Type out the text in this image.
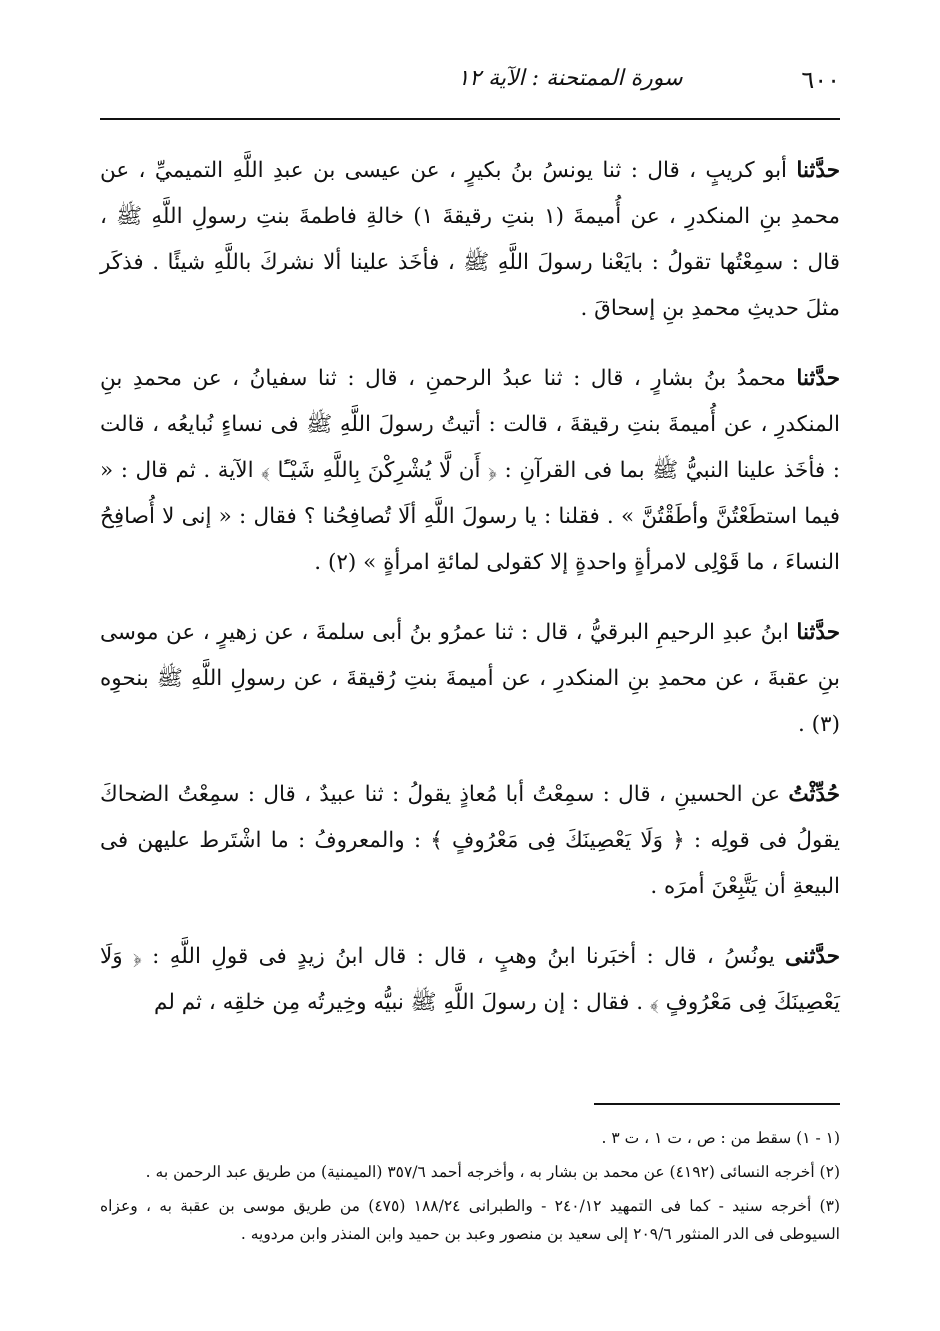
٦٠٠
سورة الممتحنة : الآية ١٢

حدَّثنا أبو كريبٍ ، قال : ثنا يونسُ بنُ بكيرٍ ، عن عيسى بن عبدِ اللَّهِ التميميِّ ، عن محمدِ بنِ المنكدرِ ، عن أُميمةَ (١ بنتِ رقيقةَ ١) خالةِ فاطمةَ بنتِ رسولِ اللَّهِ ﷺ ، قال : سمِعْتُها تقولُ : بايَعْنا رسولَ اللَّهِ ﷺ ، فأخَذ علينا ألا نشركَ باللَّهِ شيئًا . فذكَر مثلَ حديثِ محمدِ بنِ إسحاقَ .

حدَّثنا محمدُ بنُ بشارٍ ، قال : ثنا عبدُ الرحمنِ ، قال : ثنا سفيانُ ، عن محمدِ بنِ المنكدرِ ، عن أُميمةَ بنتِ رقيقةَ ، قالت : أتيتُ رسولَ اللَّهِ ﷺ فى نساءٍ نُبايعُه ، قالت : فأخَذ علينا النبيُّ ﷺ بما فى القرآنِ : ﴿ أَن لَّا يُشْرِكْنَ بِاللَّهِ شَيْـًٔا ﴾ الآية . ثم قال : « فيما استطَعْتُنَّ وأطَقْتُنَّ » . فقلنا : يا رسولَ اللَّهِ ألَا تُصافِحُنا ؟ فقال : « إنى لا أُصافِحُ النساءَ ، ما قَوْلِى لامرأةٍ واحدةٍ إلا كقولى لمائةِ امرأةٍ » (٢) .

حدَّثنا ابنُ عبدِ الرحيمِ البرقيُّ ، قال : ثنا عمرُو بنُ أبى سلمةَ ، عن زهيرٍ ، عن موسى بنِ عقبةَ ، عن محمدِ بنِ المنكدرِ ، عن أميمةَ بنتِ رُقيقةَ ، عن رسولِ اللَّهِ ﷺ بنحوِه (٣) .

حُدِّثْتُ عن الحسينِ ، قال : سمِعْتُ أبا مُعاذٍ يقولُ : ثنا عبيدٌ ، قال : سمِعْتُ الضحاكَ يقولُ فى قولِه : ﴿ وَلَا يَعْصِينَكَ فِى مَعْرُوفٍ ﴾ : والمعروفُ : ما اشْتَرط عليهن فى البيعةِ أن يَتَّبِعْنَ أمرَه .

حدَّثنى يونُسُ ، قال : أخبَرنا ابنُ وهبٍ ، قال : قال ابنُ زيدٍ فى قولِ اللَّهِ : ﴿ وَلَا يَعْصِينَكَ فِى مَعْرُوفٍ ﴾ . فقال : إن رسولَ اللَّهِ ﷺ نبيُّه وخِيرتُه مِن خلقِه ، ثم لم

(١ - ١) سقط من : ص ، ت ١ ، ت ٣ .

(٢) أخرجه النسائى (٤١٩٢) عن محمد بن بشار به ، وأخرجه أحمد ٣٥٧/٦ (الميمنية) من طريق عبد الرحمن به .

(٣) أخرجه سنيد - كما فى التمهيد ٢٤٠/١٢ - والطبرانى ١٨٨/٢٤ (٤٧٥) من طريق موسى بن عقبة به ، وعزاه السيوطى فى الدر المنثور ٢٠٩/٦ إلى سعيد بن منصور وعبد بن حميد وابن المنذر وابن مردويه .
